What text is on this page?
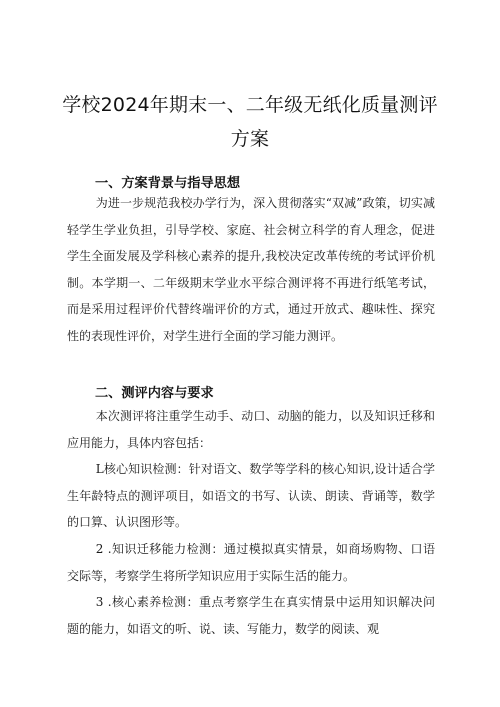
学校2024年期末一、二年级无纸化质量测评方案
一、方案背景与指导思想

为进一步规范我校办学行为，深入贯彻落实“双减”政策，切实减轻学生学业负担，引导学校、家庭、社会树立科学的育人理念，促进学生全面发展及学科核心素养的提升,我校决定改革传统的考试评价机制。本学期一、二年级期末学业水平综合测评将不再进行纸笔考试，而是采用过程评价代替终端评价的方式，通过开放式、趣味性、探究性的表现性评价，对学生进行全面的学习能力测评。

二、测评内容与要求

本次测评将注重学生动手、动口、动脑的能力，以及知识迁移和应用能力，具体内容包括：

L核心知识检测：针对语文、数学等学科的核心知识,设计适合学生年龄特点的测评项目，如语文的书写、认读、朗读、背诵等，数学的口算、认识图形等。

2 .知识迁移能力检测：通过模拟真实情景，如商场购物、口语交际等，考察学生将所学知识应用于实际生活的能力。

3 .核心素养检测：重点考察学生在真实情景中运用知识解决问题的能力，如语文的听、说、读、写能力，数学的阅读、观
